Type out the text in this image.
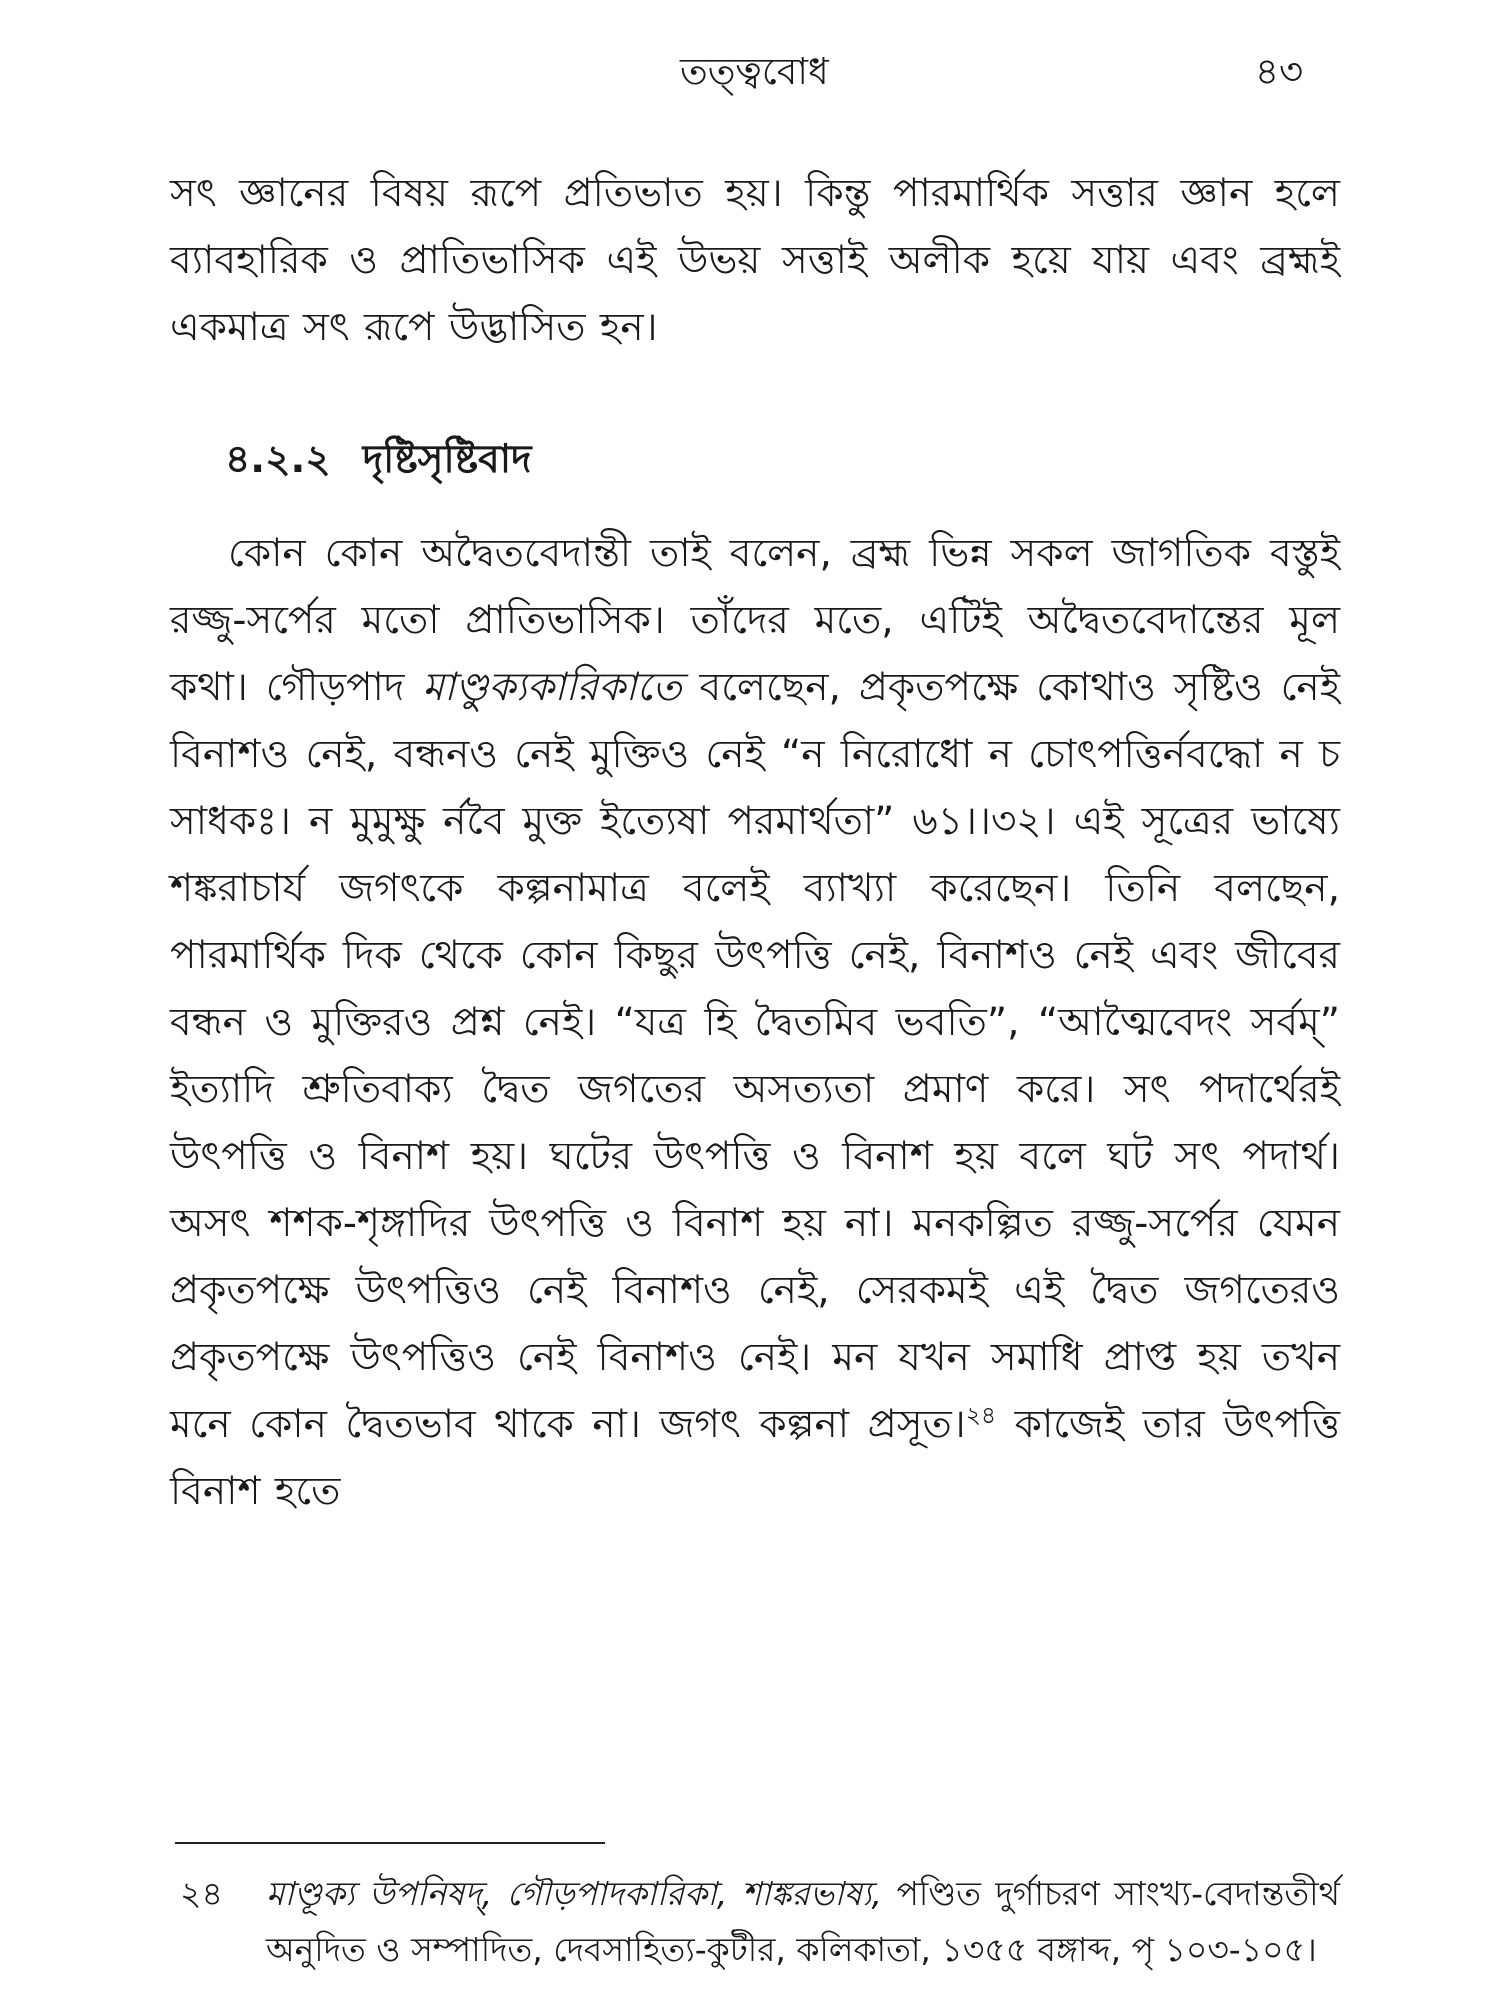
তত্ত্ববোধ	৪৩

সৎ জ্ঞানের বিষয় রূপে প্রতিভাত হয়। কিন্তু পারমার্থিক সত্তার জ্ঞান হলে ব্যাবহারিক ও প্রাতিভাসিক এই উভয় সত্তাই অলীক হয়ে যায় এবং ব্রহ্মই একমাত্র সৎ রূপে উদ্ভাসিত হন।

৪.২.২ দৃষ্টিসৃষ্টিবাদ

কোন কোন অদ্বৈতবেদান্তী তাই বলেন, ব্রহ্ম ভিন্ন সকল জাগতিক বস্তুই রজ্জু-সর্পের মতো প্রাতিভাসিক। তাঁদের মতে, এটিই অদ্বৈতবেদান্তের মূল কথা। গৌড়পাদ মাণ্ডুক্যকারিকাতে বলেছেন, প্রকৃতপক্ষে কোথাও সৃষ্টিও নেই বিনাশও নেই, বন্ধনও নেই মুক্তিও নেই “ন নিরোধো ন চোৎপত্তির্নবদ্ধো ন চ সাধকঃ। ন মুমুক্ষু র্নবৈ মুক্ত ইত্যেষা পরমার্থতা” ৬১।।৩২। এই সূত্রের ভাষ্যে শঙ্করাচার্য জগৎকে কল্পনামাত্র বলেই ব্যাখ্যা করেছেন। তিনি বলছেন, পারমার্থিক দিক থেকে কোন কিছুর উৎপত্তি নেই, বিনাশও নেই এবং জীবের বন্ধন ও মুক্তিরও প্রশ্ন নেই। “যত্র হি দ্বৈতমিব ভবতি”, “আত্মৈবেদং সর্বম্” ইত্যাদি শ্রুতিবাক্য দ্বৈত জগতের অসত্যতা প্রমাণ করে। সৎ পদার্থেরই উৎপত্তি ও বিনাশ হয়। ঘটের উৎপত্তি ও বিনাশ হয় বলে ঘট সৎ পদার্থ। অসৎ শশক-শৃঙ্গাদির উৎপত্তি ও বিনাশ হয় না। মনকল্পিত রজ্জু-সর্পের যেমন প্রকৃতপক্ষে উৎপত্তিও নেই বিনাশও নেই, সেরকমই এই দ্বৈত জগতেরও প্রকৃতপক্ষে উৎপত্তিও নেই বিনাশও নেই। মন যখন সমাধি প্রাপ্ত হয় তখন মনে কোন দ্বৈতভাব থাকে না। জগৎ কল্পনা প্রসূত।$^{২৪}$ কাজেই তার উৎপত্তি বিনাশ হতে

২৪ মাণ্ডূক্য উপনিষদ্, গৌড়পাদকারিকা, শাঙ্করভাষ্য, পণ্ডিত দুর্গাচরণ সাংখ্য-বেদান্ততীর্থ অনুদিত ও সম্পাদিত, দেবসাহিত্য-কুটীর, কলিকাতা, ১৩৫৫ বঙ্গাব্দ, পৃ ১০৩-১০৫।
